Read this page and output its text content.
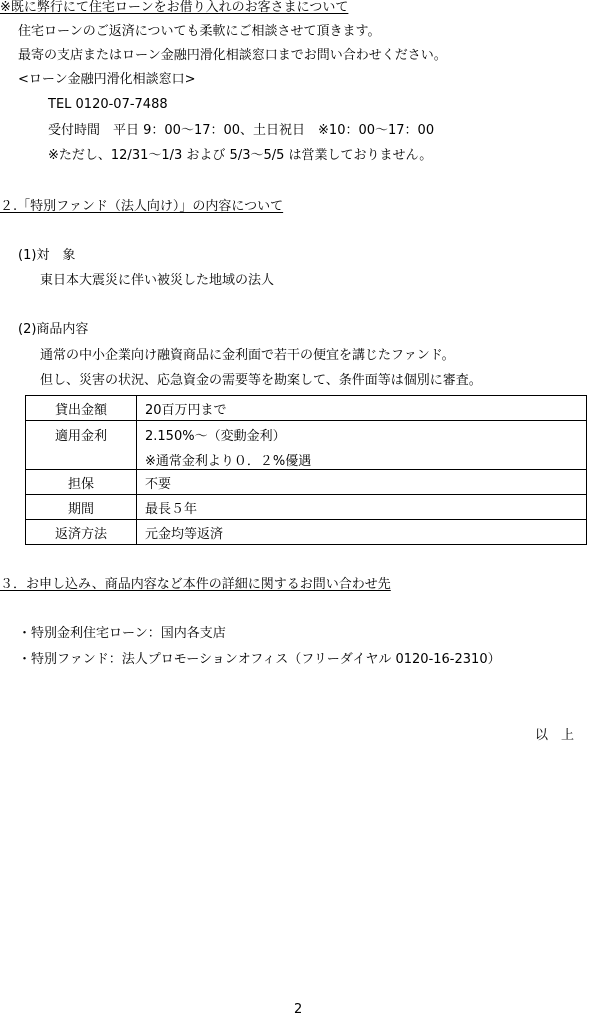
※既に弊行にて住宅ローンをお借り入れのお客さまについて
住宅ローンのご返済についても柔軟にご相談させて頂きます。
最寄の支店またはローン金融円滑化相談窓口までお問い合わせください。
<ローン金融円滑化相談窓口>
TEL 0120-07-7488
受付時間　平日 9：00～17：00、土日祝日　※10：00～17：00
※ただし、12/31～1/3 および 5/3～5/5 は営業しておりません。
２.「特別ファンド（法人向け）」の内容について
(1)対　象
東日本大震災に伴い被災した地域の法人
(2)商品内容
通常の中小企業向け融資商品に金利面で若干の便宜を講じたファンド。
但し、災害の状況、応急資金の需要等を勘案して、条件面等は個別に審査。
貸出金額	20百万円まで
適用金利	2.150%～（変動金利）
※通常金利より０．２%優遇

担保	不要
期間	最長５年
返済方法	元金均等返済
３．お申し込み、商品内容など本件の詳細に関するお問い合わせ先
・特別金利住宅ローン：国内各支店
・特別ファンド：法人プロモーションオフィス（フリーダイヤル 0120-16-2310）
以　上
2
